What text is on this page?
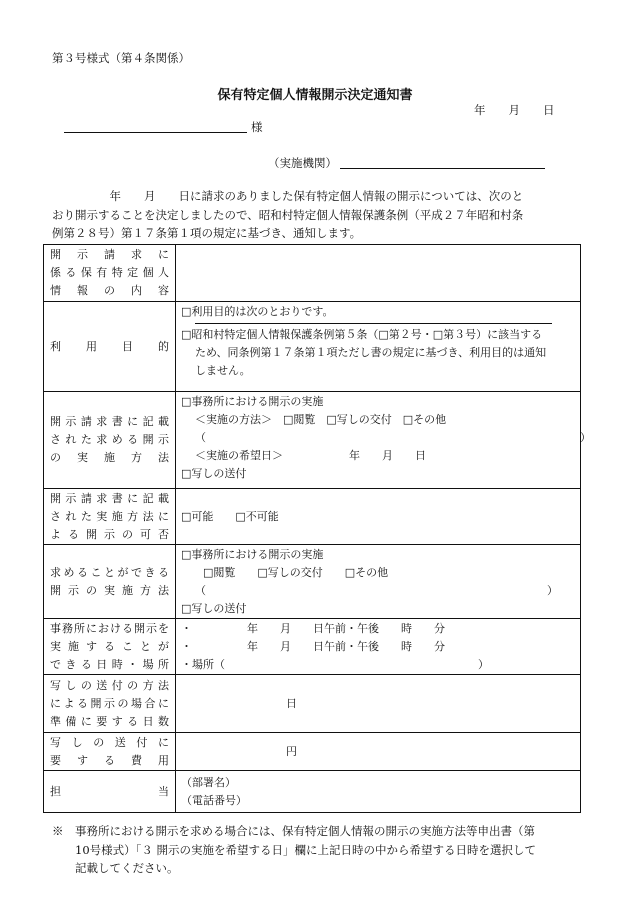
第３号様式（第４条関係）
保有特定個人情報開示決定通知書
年　　月　　日
様
（実施機関）
　　　　　年　　月　　日に請求のありました保有特定個人情報の開示については、次のと
おり開示することを決定しましたので、昭和村特定個人情報保護条例（平成２７年昭和村条
例第２８号）第１７条第１項の規定に基づき、通知します。
開示請求に
係る保有特定個人
情報の内容	

利用目的	□利用目的は次のとおりです。
□昭和村特定個人情報保護条例第５条（□第２号・□第３号）に該当する
ため、同条例第１７条第１項ただし書の規定に基づき、利用目的は通知
しません。

開示請求書に記載
された求める開示
の実施方法	□事務所における開示の実施
＜実施の方法＞　□閲覧　□写しの交付　□その他
（　　　　　　　　　　　　　　　　　　　　　　　　　　　　　　　　　　）
＜実施の希望日＞　　　　　　年　　月　　日
□写しの送付

開示請求書に記載
された実施方法に
よる開示の可否	□可能　　□不可能

求めることができる
開示の実施方法	□事務所における開示の実施
□閲覧　　□写しの交付　　□その他
（　　　　　　　　　　　　　　　　　　　　　　　　　　　　　　　）
□写しの送付

事務所における開示を
実施することが
できる日時・場所	・　　　　　年　　月　　日午前・午後　　時　　分
・　　　　　年　　月　　日午前・午後　　時　　分
・場所（　　　　　　　　　　　　　　　　　　　　　　　）

写しの送付の方法
による開示の場合に
準備に要する日数	日

写しの送付に
要する費用	円

担当	（部署名）
（電話番号）
※　事務所における開示を求める場合には、保有特定個人情報の開示の実施方法等申出書（第
　　10号様式）「３ 開示の実施を希望する日」欄に上記日時の中から希望する日時を選択して
　　記載してください。
